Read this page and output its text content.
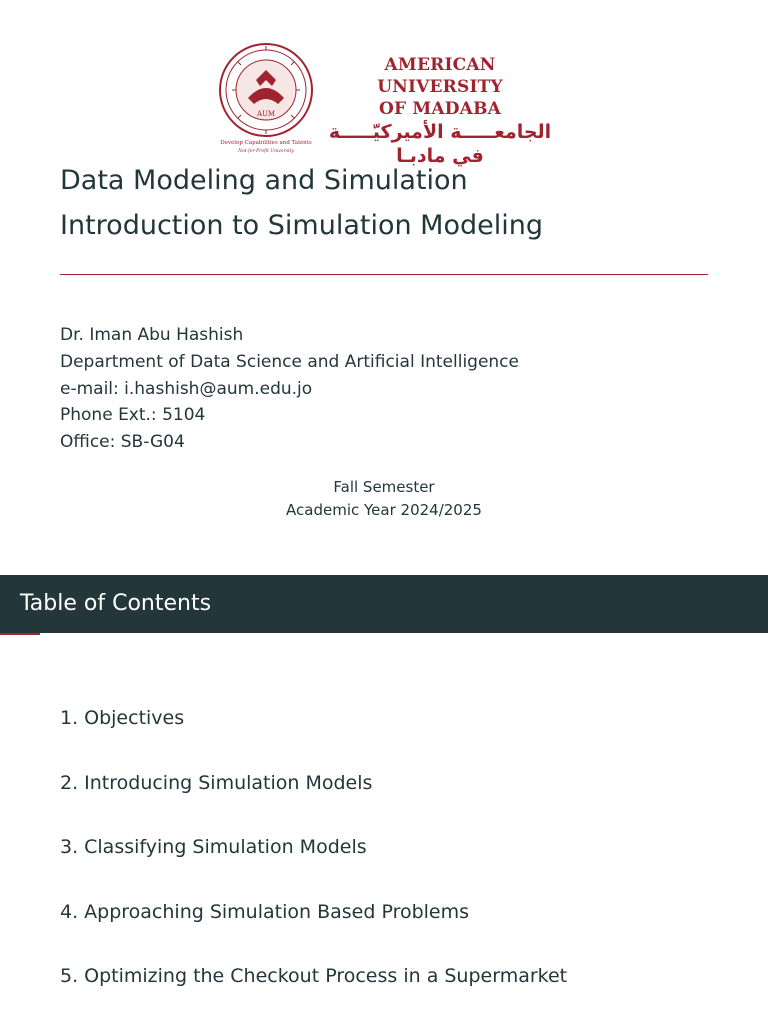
AUM
Develop Capabilities and Talents
Not-for-Profit University
AMERICAN UNIVERSITY
OF MADABA
الجامعـــــة الأميركيّـــــة
في مادبـا
Data Modeling and Simulation
Introduction to Simulation Modeling
Dr. Iman Abu Hashish
Department of Data Science and Artificial Intelligence
e-mail: i.hashish@aum.edu.jo
Phone Ext.: 5104
Office: SB-G04
Fall Semester
Academic Year 2024/2025
Table of Contents
1. Objectives
2. Introducing Simulation Models
3. Classifying Simulation Models
4. Approaching Simulation Based Problems
5. Optimizing the Checkout Process in a Supermarket
